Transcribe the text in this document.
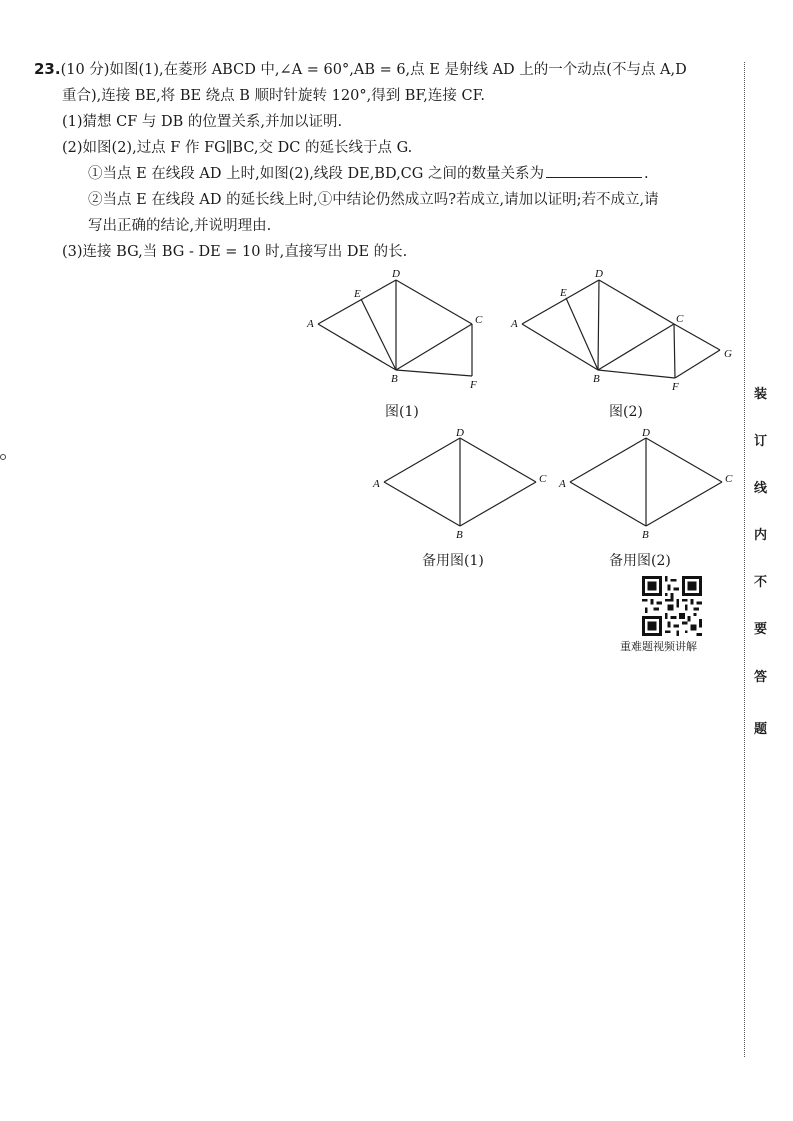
23.(10 分)如图(1),在菱形 ABCD 中,∠A = 60°,AB = 6,点 E 是射线 AD 上的一个动点(不与点 A,D
重合),连接 BE,将 BE 绕点 B 顺时针旋转 120°,得到 BF,连接 CF.
(1)猜想 CF 与 DB 的位置关系,并加以证明.
(2)如图(2),过点 F 作 FG∥BC,交 DC 的延长线于点 G.
①当点 E 在线段 AD 上时,如图(2),线段 DE,BD,CG 之间的数量关系为	.
②当点 E 在线段 AD 的延长线上时,①中结论仍然成立吗?若成立,请加以证明;若不成立,请
写出正确的结论,并说明理由.
(3)连接 BG,当 BG - DE = 10 时,直接写出 DE 的长.
A
D
E
C
B	F
图(1)
A
D
E
C
B
F
G
图(2)
A
D
C
B
备用图(1)
A
D
C
B
备用图(2)
重难题视频讲解
装
订
线
内
不
要
答
题
